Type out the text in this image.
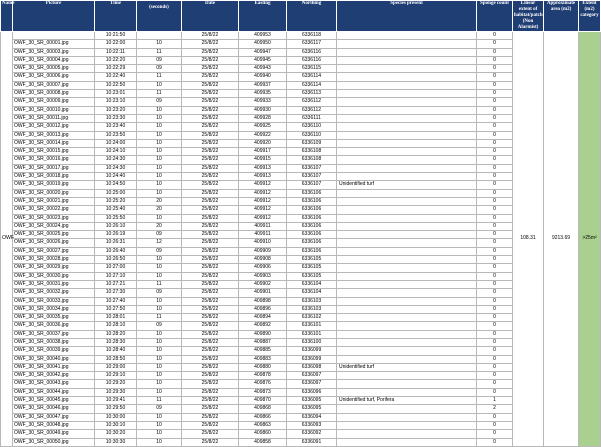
Name	Picture	Time	(seconds)	Date	Easting	Northing	Species present	Sponge count	Linear extent of habitat/patch (Non Alarmist)	Approximate area (m2)	Extent (m2) category	
OWF		10:21:50		25/8/22	409953	6336118		0	108.31	9213.69	>25m²	
	OWF_30_SR_00001.jpg	10:22:00	10	25/8/22	409950	6336117		0				
	OWF_30_SR_00003.jpg	10:22:11	11	25/8/22	409947	6336116		0				
	OWF_30_SR_00004.jpg	10:22:20	09	25/8/22	409945	6336116		0				
	OWF_30_SR_00005.jpg	10:22:29	09	25/8/22	409943	6336115		0				
	OWF_30_SR_00006.jpg	10:22:40	11	25/8/22	409940	6336114		0				
	OWF_30_SR_00007.jpg	10:22:50	10	25/8/22	409937	6336114		0				
	OWF_30_SR_00008.jpg	10:23:01	11	25/8/22	409935	6336113		0				
	OWF_30_SR_00009.jpg	10:23:10	09	25/8/22	409933	6336112		0				
	OWF_30_SR_00010.jpg	10:23:20	10	25/8/22	409930	6336112		0				
	OWF_30_SR_00011.jpg	10:23:30	10	25/8/22	409928	6336111		0				
	OWF_30_SR_00012.jpg	10:23:40	10	25/8/22	409925	6336110		0				
	OWF_30_SR_00013.jpg	10:23:50	10	25/8/22	409922	6336110		0				
	OWF_30_SR_00014.jpg	10:24:00	10	25/8/22	409920	6336109		0				
	OWF_30_SR_00015.jpg	10:24:10	10	25/8/22	409917	6336108		0				
	OWF_30_SR_00016.jpg	10:24:30	10	25/8/22	409915	6336108		0				
	OWF_30_SR_00017.jpg	10:24:30	10	25/8/22	409913	6336107		0				
	OWF_30_SR_00018.jpg	10:24:40	10	25/8/22	409913	6336107		0				
	OWF_30_SR_00019.jpg	10:24:50	10	25/8/22	409912	6336107	Unidentified turf	0				
	OWF_30_SR_00020.jpg	10:25:00	10	25/8/22	409912	6336106		0				
	OWF_30_SR_00021.jpg	10:25:20	20	25/8/22	409912	6336106		0				
	OWF_30_SR_00022.jpg	10:25:40	20	25/8/22	409912	6336106		0				
	OWF_30_SR_00023.jpg	10:25:50	10	25/8/22	409912	6336106		0				
	OWF_30_SR_00024.jpg	10:26:10	20	25/8/22	409911	6336106		0				
	OWF_30_SR_00025.jpg	10:26:19	09	25/8/22	409911	6336106		0				
	OWF_30_SR_00026.jpg	10:26:31	12	25/8/22	409910	6336106		0				
	OWF_30_SR_00027.jpg	10:26:40	09	25/8/22	409909	6336106		0				
	OWF_30_SR_00028.jpg	10:26:50	10	25/8/22	409908	6336105		0				
	OWF_30_SR_00029.jpg	10:27:00	10	25/8/22	409906	6336105		0				
	OWF_30_SR_00030.jpg	10:27:10	10	25/8/22	409903	6336105		0				
	OWF_30_SR_00031.jpg	10:27:21	11	25/8/22	409902	6336104		0				
	OWF_30_SR_00032.jpg	10:27:30	09	25/8/22	409901	6336104		0				
	OWF_30_SR_00033.jpg	10:27:40	10	25/8/22	409898	6336103		0				
	OWF_30_SR_00034.jpg	10:27:50	10	25/8/22	409896	6336103		0				
	OWF_30_SR_00035.jpg	10:28:01	11	25/8/22	409894	6336102		0				
	OWF_30_SR_00036.jpg	10:28:10	09	25/8/22	409892	6336101		0				
	OWF_30_SR_00037.jpg	10:28:20	10	25/8/22	409890	6336101		0				
	OWF_30_SR_00038.jpg	10:28:30	10	25/8/22	409887	6336100		0				
	OWF_30_SR_00039.jpg	10:28:40	10	25/8/22	409885	6336099		0				
	OWF_30_SR_00040.jpg	10:28:50	10	25/8/22	409883	6336099		0				
	OWF_30_SR_00041.jpg	10:29:00	10	25/8/22	409880	6336098	Unidentified turf	0				
	OWF_30_SR_00042.jpg	10:29:10	10	25/8/22	409878	6336097		0				
	OWF_30_SR_00043.jpg	10:29:20	10	25/8/22	409876	6336097		0				
	OWF_30_SR_00044.jpg	10:29:30	10	25/8/22	409873	6336096		0				
	OWF_30_SR_00045.jpg	10:29:41	11	25/8/22	409870	6336095	Unidentified turf, Porifera	1				
	OWF_30_SR_00046.jpg	10:29:50	09	25/8/22	409868	6336095		2				
	OWF_30_SR_00047.jpg	10:30:00	10	25/8/22	409866	6336094		0				
	OWF_30_SR_00048.jpg	10:30:10	10	25/8/22	409863	6336093		0				
	OWF_30_SR_00049.jpg	10:30:20	10	25/8/22	409860	6336092		0				
	OWF_30_SR_00050.jpg	10:30:30	10	25/8/22	409858	6336091		0				
